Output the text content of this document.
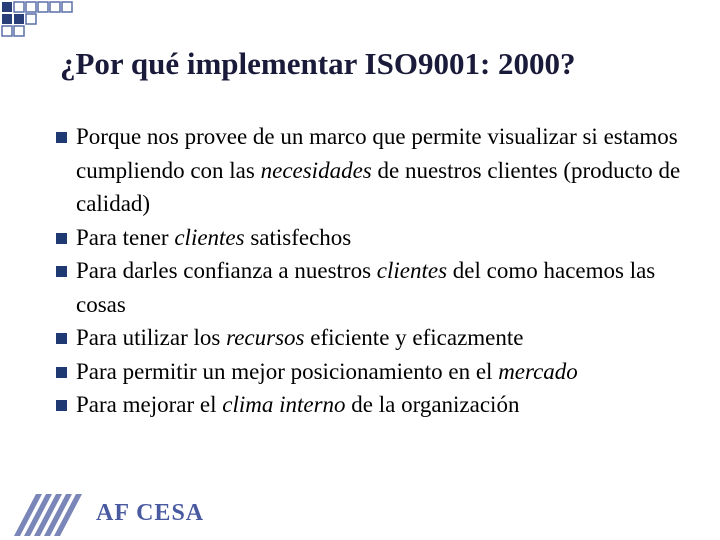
¿Por qué implementar ISO9001: 2000?
Porque nos provee de un marco que permite visualizar si estamos cumpliendo con las necesidades de nuestros clientes (producto de calidad)
Para tener clientes satisfechos
Para darles confianza a nuestros clientes del como hacemos las cosas
Para utilizar los recursos eficiente y eficazmente
Para permitir un mejor posicionamiento en el mercado
Para mejorar el clima interno de la organización
AF CESA
